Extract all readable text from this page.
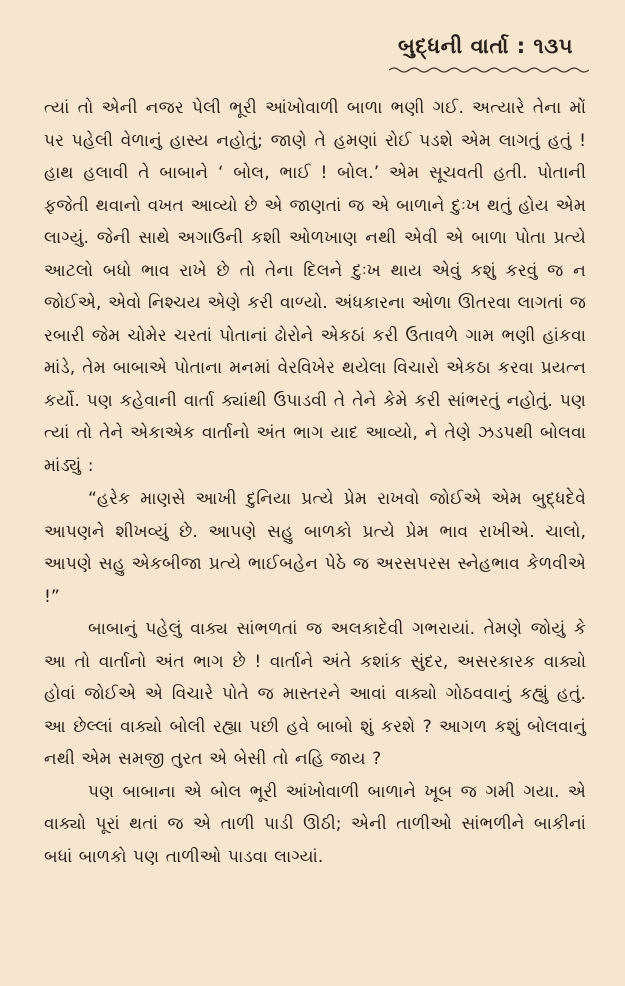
બુદ્ધની વાર્તા : ૧૩૫

ત્યાં તો એની નજર પેલી ભૂરી આંખોવાળી બાળા ભણી ગઈ. અત્યારે તેના મોં પર પહેલી વેળાનું હાસ્ય નહોતું; જાણે તે હમણાં રોઈ પડશે એમ લાગતું હતું ! હાથ હલાવી તે બાબાને ‘ બોલ, ભાઈ ! બોલ.’ એમ સૂચવતી હતી. પોતાની ફજેતી થવાનો વખત આવ્યો છે એ જાણતાં જ એ બાળાને દુઃખ થતું હોય એમ લાગ્યું. જેની સાથે અગાઉની કશી ઓળખાણ નથી એવી એ બાળા પોતા પ્રત્યે આટલો બધો ભાવ રાખે છે તો તેના દિલને દુઃખ થાય એવું કશું કરવું જ ન જોઈએ, એવો નિશ્ચય એણે કરી વાળ્યો. અંધકારના ઓળા ઊતરવા લાગતાં જ રબારી જેમ ચોમેર ચરતાં પોતાનાં ઢોરોને એકઠાં કરી ઉતાવળે ગામ ભણી હાંકવા માંડે, તેમ બાબાએ પોતાના મનમાં વેરવિખેર થયેલા વિચારો એકઠા કરવા પ્રયત્ન કર્યો. પણ કહેવાની વાર્તા ક્યાંથી ઉપાડવી તે તેને કેમે કરી સાંભરતું નહોતું. પણ ત્યાં તો તેને એકાએક વાર્તાનો અંત ભાગ યાદ આવ્યો, ને તેણે ઝડપથી બોલવા માંડ્યું :

“હરેક માણસે આખી દુનિયા પ્રત્યે પ્રેમ રાખવો જોઈએ એમ બુદ્ધદેવે આપણને શીખવ્યું છે. આપણે સહુ બાળકો પ્રત્યે પ્રેમ ભાવ રાખીએ. ચાલો, આપણે સહુ એકબીજા પ્રત્યે ભાઈબહેન પેઠે જ અરસપરસ સ્નેહભાવ કેળવીએ !”

બાબાનું પહેલું વાક્ય સાંભળતાં જ અલકાદેવી ગભરાયાં. તેમણે જોયું કે આ તો વાર્તાનો અંત ભાગ છે ! વાર્તાને અંતે કશાંક સુંદર, અસરકારક વાક્યો હોવાં જોઈએ એ વિચારે પોતે જ માસ્તરને આવાં વાક્યો ગોઠવવાનું કહ્યું હતું. આ છેલ્લાં વાક્યો બોલી રહ્યા પછી હવે બાબો શું કરશે ? આગળ કશું બોલવાનું નથી એમ સમજી તુરત એ બેસી તો નહિ જાય ?

પણ બાબાના એ બોલ ભૂરી આંખોવાળી બાળાને ખૂબ જ ગમી ગયા. એ વાક્યો પૂરાં થતાં જ એ તાળી પાડી ઊઠી; એની તાળીઓ સાંભળીને બાકીનાં બધાં બાળકો પણ તાળીઓ પાડવા લાગ્યાં.
